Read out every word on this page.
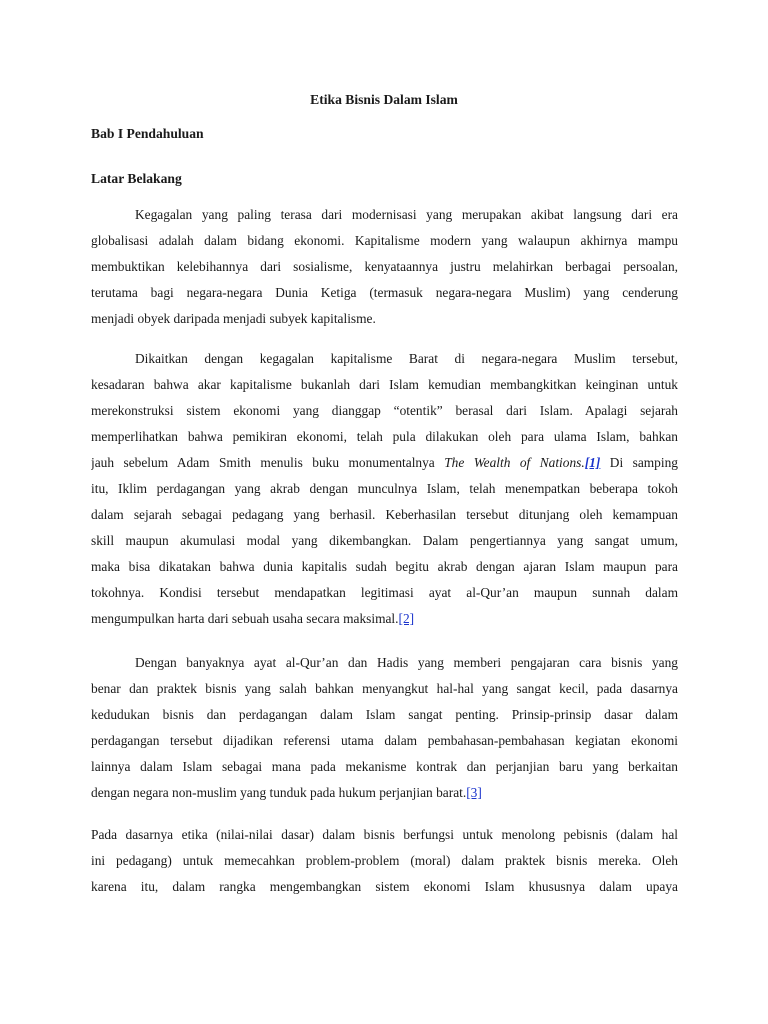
Etika Bisnis Dalam Islam
Bab I Pendahuluan
Latar Belakang
Kegagalan yang paling terasa dari modernisasi yang merupakan akibat langsung dari era
globalisasi adalah dalam bidang ekonomi. Kapitalisme modern yang walaupun akhirnya mampu
membuktikan kelebihannya dari sosialisme, kenyataannya justru melahirkan berbagai persoalan,
terutama bagi negara-negara Dunia Ketiga (termasuk negara-negara Muslim) yang cenderung
menjadi obyek daripada menjadi subyek kapitalisme.
Dikaitkan dengan kegagalan kapitalisme Barat di negara-negara Muslim tersebut,
kesadaran bahwa akar kapitalisme bukanlah dari Islam kemudian membangkitkan keinginan untuk
merekonstruksi sistem ekonomi yang dianggap “otentik” berasal dari Islam. Apalagi sejarah
memperlihatkan bahwa pemikiran ekonomi, telah pula dilakukan oleh para ulama Islam, bahkan
jauh sebelum Adam Smith menulis buku monumentalnya The Wealth of Nations.[1] Di samping
itu, Iklim perdagangan yang akrab dengan munculnya Islam, telah menempatkan beberapa tokoh
dalam sejarah sebagai pedagang yang berhasil. Keberhasilan tersebut ditunjang oleh kemampuan
skill maupun akumulasi modal yang dikembangkan. Dalam pengertiannya yang sangat umum,
maka bisa dikatakan bahwa dunia kapitalis sudah begitu akrab dengan ajaran Islam maupun para
tokohnya. Kondisi tersebut mendapatkan legitimasi ayat al-Qur’an maupun sunnah dalam
mengumpulkan harta dari sebuah usaha secara maksimal.[2]
Dengan banyaknya ayat al-Qur’an dan Hadis yang memberi pengajaran cara bisnis yang
benar dan praktek bisnis yang salah bahkan menyangkut hal-hal yang sangat kecil, pada dasarnya
kedudukan bisnis dan perdagangan dalam Islam sangat penting. Prinsip-prinsip dasar dalam
perdagangan tersebut dijadikan referensi utama dalam pembahasan-pembahasan kegiatan ekonomi
lainnya dalam Islam sebagai mana pada mekanisme kontrak dan perjanjian baru yang berkaitan
dengan negara non-muslim yang tunduk pada hukum perjanjian barat.[3]
Pada dasarnya etika (nilai-nilai dasar) dalam bisnis berfungsi untuk menolong pebisnis (dalam hal
ini pedagang) untuk memecahkan problem-problem (moral) dalam praktek bisnis mereka. Oleh
karena itu, dalam rangka mengembangkan sistem ekonomi Islam khususnya dalam upaya
